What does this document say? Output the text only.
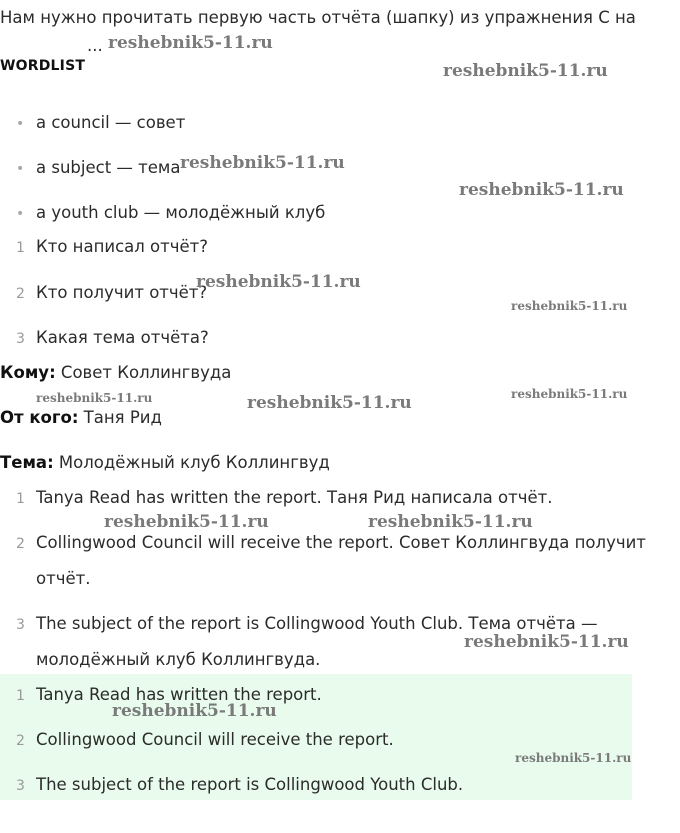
Нам нужно прочитать первую часть отчёта (шапку) из упражнения С на
...
WORDLIST
• a council — совет
• a subject — тема
• a youth club — молодёжный клуб
1 Кто написал отчёт?
2 Кто получит отчёт?
3 Какая тема отчёта?
Кому: Совет Коллингвуда
От кого: Таня Рид
Тема: Молодёжный клуб Коллингвуд
1 Tanya Read has written the report. Таня Рид написала отчёт.
2 Collingwood Council will receive the report. Совет Коллингвуда получит
отчёт.
3 The subject of the report is Collingwood Youth Club. Тема отчёта —
молодёжный клуб Коллингвуда.
1 Tanya Read has written the report.
2 Collingwood Council will receive the report.
3 The subject of the report is Collingwood Youth Club.
reshebnik5-11.ru
reshebnik5-11.ru
reshebnik5-11.ru
reshebnik5-11.ru
reshebnik5-11.ru
reshebnik5-11.ru
reshebnik5-11.ru	reshebnik5-11.ru
reshebnik5-11.ru
reshebnik5-11.ru	reshebnik5-11.ru
reshebnik5-11.ru
reshebnik5-11.ru
reshebnik5-11.ru
